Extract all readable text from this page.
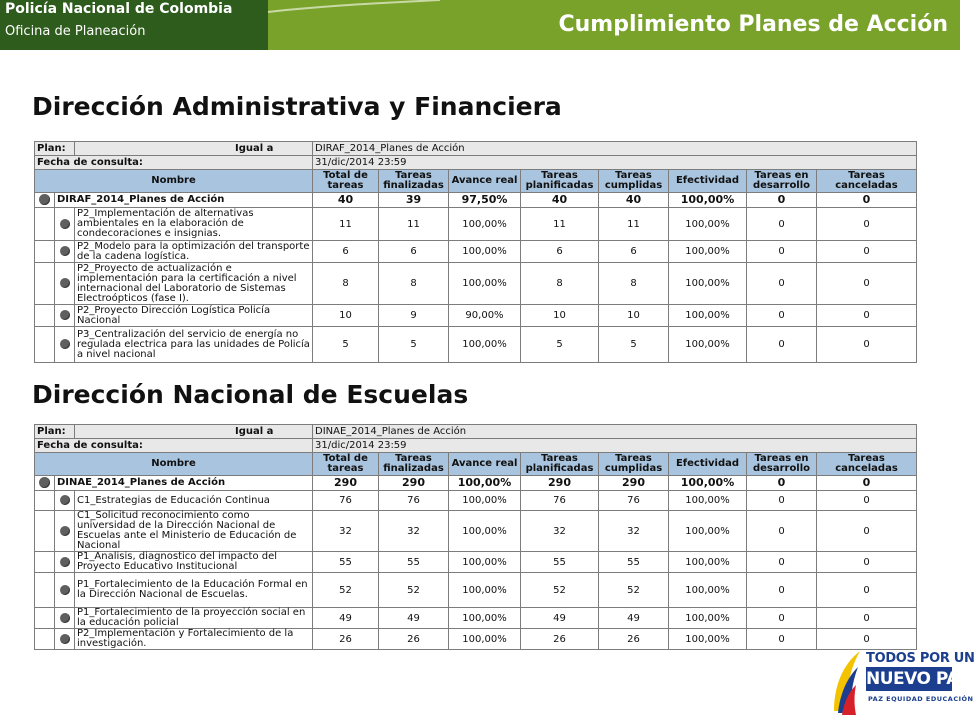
Policía Nacional de Colombia
Oficina de Planeación	Cumplimiento Planes de Acción
Dirección Administrativa y Financiera
Plan:		Igual a	DIRAF_2014_Planes de Acción							
Fecha de consulta:			31/dic/2014 23:59							
Nombre			Total de tareas	Tareas finalizadas	Avance real	Tareas planificadas	Tareas cumplidas	Efectividad	Tareas en desarrollo	Tareas canceladas
	DIRAF_2014_Planes de Acción		40	39	97,50%	40	40	100,00%	0	0
		P2_Implementación de alternativas ambientales en la elaboración de condecoraciones e insignias.	11	11	100,00%	11	11	100,00%	0	0
		P2_Modelo para la optimización del transporte de la cadena logística.	6	6	100,00%	6	6	100,00%	0	0
		P2_Proyecto de actualización e implementación para la certificación a nivel internacional del Laboratorio de Sistemas Electroópticos (fase I).	8	8	100,00%	8	8	100,00%	0	0
		P2_Proyecto Dirección Logística Policía Nacional	10	9	90,00%	10	10	100,00%	0	0
		P3_Centralización del servicio de energía no regulada electrica para las unidades de Policía a nivel nacional	5	5	100,00%	5	5	100,00%	0	0
Dirección Nacional de Escuelas
Plan:		Igual a	DINAE_2014_Planes de Acción							
Fecha de consulta:			31/dic/2014 23:59							
Nombre			Total de tareas	Tareas finalizadas	Avance real	Tareas planificadas	Tareas cumplidas	Efectividad	Tareas en desarrollo	Tareas canceladas
	DINAE_2014_Planes de Acción		290	290	100,00%	290	290	100,00%	0	0
		C1_Estrategias de Educación Continua	76	76	100,00%	76	76	100,00%	0	0
		C1_Solicitud reconocimiento como universidad de la Dirección Nacional de Escuelas ante el Ministerio de Educación de Nacional	32	32	100,00%	32	32	100,00%	0	0
		P1_Analisis, diagnostico del impacto del Proyecto Educativo Institucional	55	55	100,00%	55	55	100,00%	0	0
		P1_Fortalecimiento de la Educación Formal en la Dirección Nacional de Escuelas.	52	52	100,00%	52	52	100,00%	0	0
		P1_Fortalecimiento de la proyección social en la educación policial	49	49	100,00%	49	49	100,00%	0	0
		P2_Implementación y Fortalecimiento de la investigación.	26	26	100,00%	26	26	100,00%	0	0
TODOS POR UN
NUEVO PAÍS
PAZ EQUIDAD EDUCACIÓN
